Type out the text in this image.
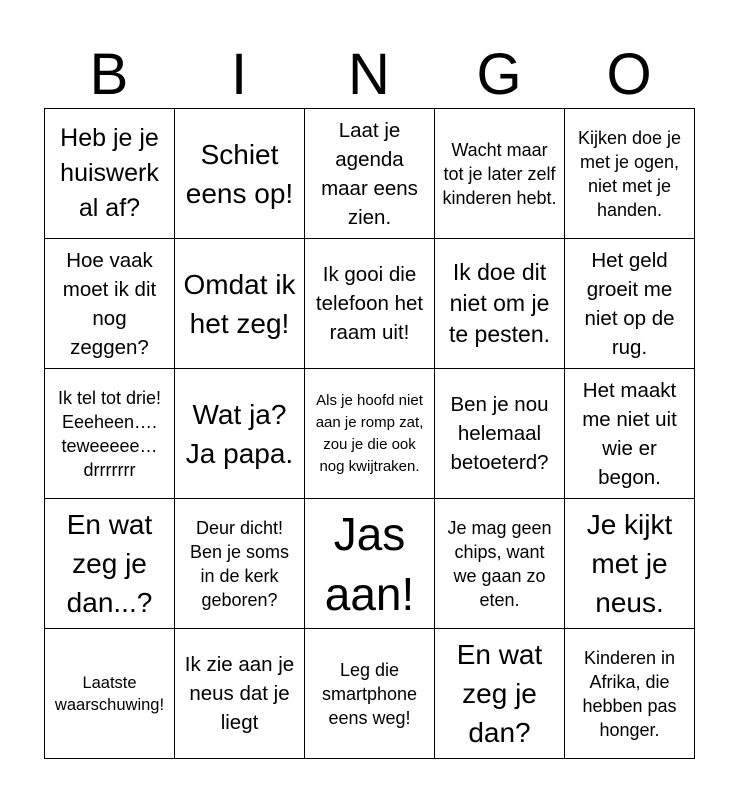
B	I	N	G	O
Heb je je huiswerk al af?	Schiet eens op!	Laat je agenda maar eens zien.	Wacht maar tot je later zelf kinderen hebt.	Kijken doe je met je ogen, niet met je handen.
Hoe vaak moet ik dit nog zeggen?	Omdat ik het zeg!	Ik gooi die telefoon het raam uit!	Ik doe dit niet om je te pesten.	Het geld groeit me niet op de rug.
Ik tel tot drie! Eeeheen…. teweeeee… drrrrrrr	Wat ja? Ja papa.	Als je hoofd niet aan je romp zat, zou je die ook nog kwijtraken.	Ben je nou helemaal betoeterd?	Het maakt me niet uit wie er begon.
En wat zeg je dan...?	Deur dicht! Ben je soms in de kerk geboren?	Jas aan!	Je mag geen chips, want we gaan zo eten.	Je kijkt met je neus.
Laatste waarschuwing!	Ik zie aan je neus dat je liegt	Leg die smartphone eens weg!	En wat zeg je dan?	Kinderen in Afrika, die hebben pas honger.
